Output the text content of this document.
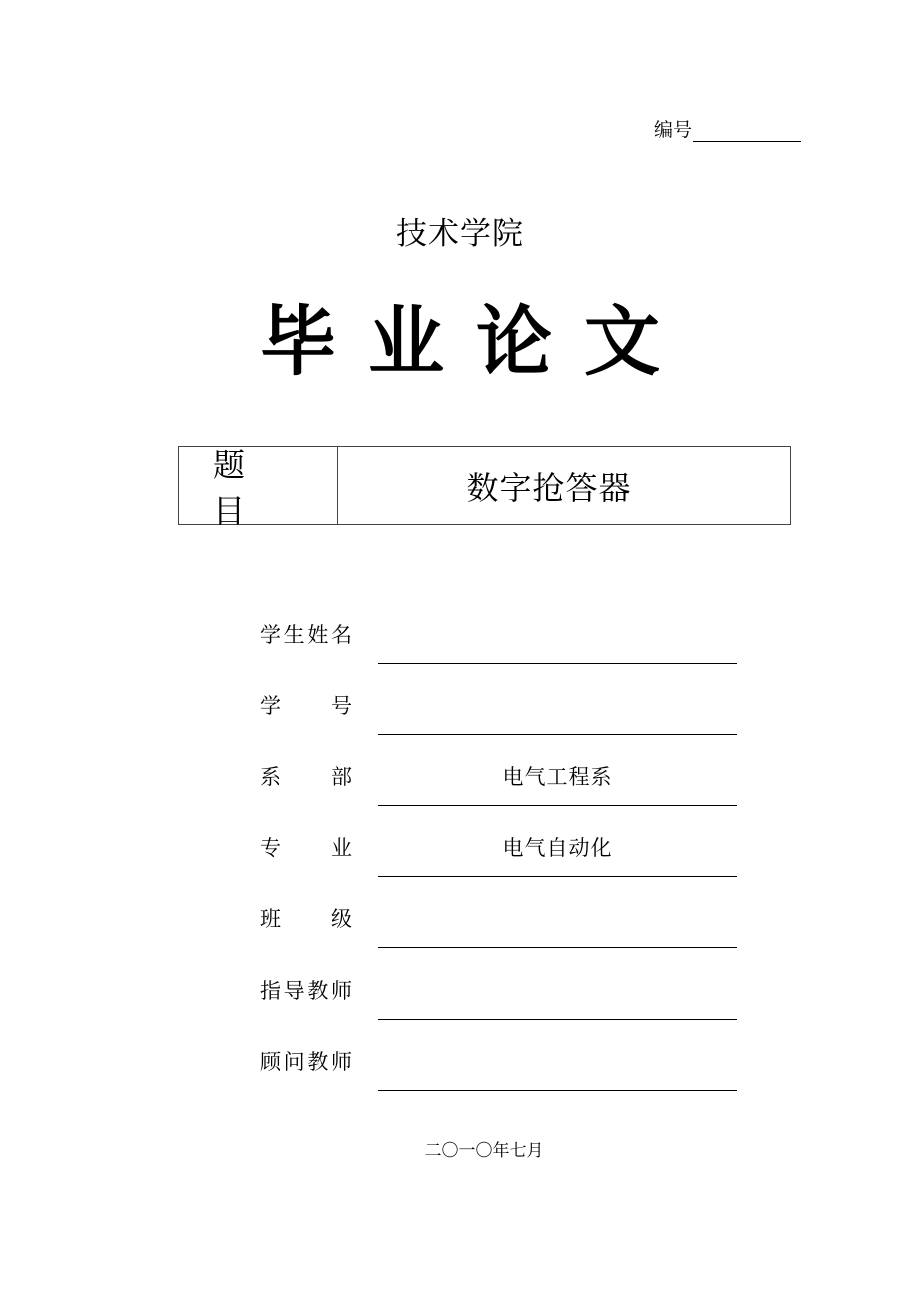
编号
技术学院
毕业论文
题目
数字抢答器
学 生 姓 名
学 号
系 部	电气工程系
专 业	电气自动化
班 级
指 导 教 师
顾 问 教 师
二〇一〇年七月
